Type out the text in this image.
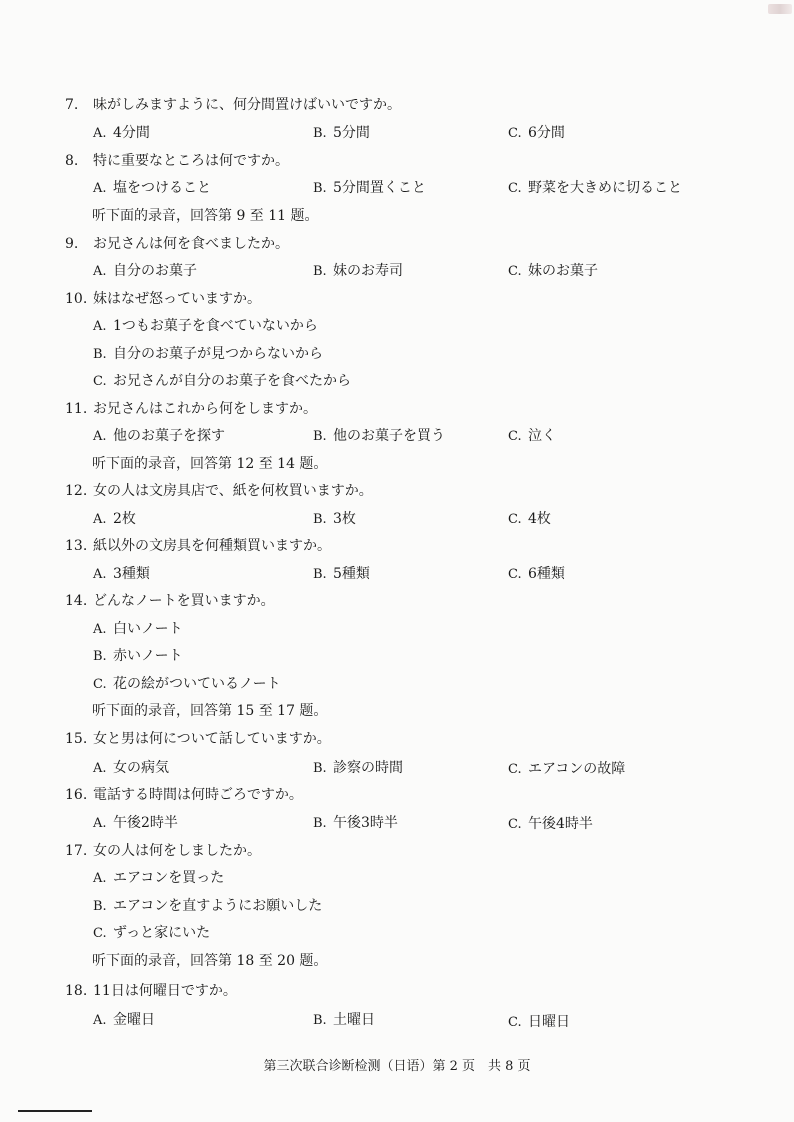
7. 味がしみますように、何分間置けばいいですか。
A. 4分間	B. 5分間	C. 6分間
8. 特に重要なところは何ですか。
A. 塩をつけること	B. 5分間置くこと	C. 野菜を大きめに切ること
听下面的录音，回答第 9 至 11 题。
9. お兄さんは何を食べましたか。
A. 自分のお菓子	B. 妹のお寿司	C. 妹のお菓子
10. 妹はなぜ怒っていますか。
A. 1つもお菓子を食べていないから
B. 自分のお菓子が見つからないから
C. お兄さんが自分のお菓子を食べたから
11. お兄さんはこれから何をしますか。
A. 他のお菓子を探す	B. 他のお菓子を買う	C. 泣く
听下面的录音，回答第 12 至 14 题。
12. 女の人は文房具店で、紙を何枚買いますか。
A. 2枚	B. 3枚	C. 4枚
13. 紙以外の文房具を何種類買いますか。
A. 3種類	B. 5種類	C. 6種類
14. どんなノートを買いますか。
A. 白いノート
B. 赤いノート
C. 花の絵がついているノート
听下面的录音，回答第 15 至 17 题。
15. 女と男は何について話していますか。
A. 女の病気	B. 診察の時間	C. エアコンの故障
16. 電話する時間は何時ごろですか。
A. 午後2時半	B. 午後3時半	C. 午後4時半
17. 女の人は何をしましたか。
A. エアコンを買った
B. エアコンを直すようにお願いした
C. ずっと家にいた
听下面的录音，回答第 18 至 20 题。
18. 11日は何曜日ですか。
A. 金曜日	B. 土曜日	C. 日曜日
第三次联合诊断检测（日语）第 2 页　共 8 页
